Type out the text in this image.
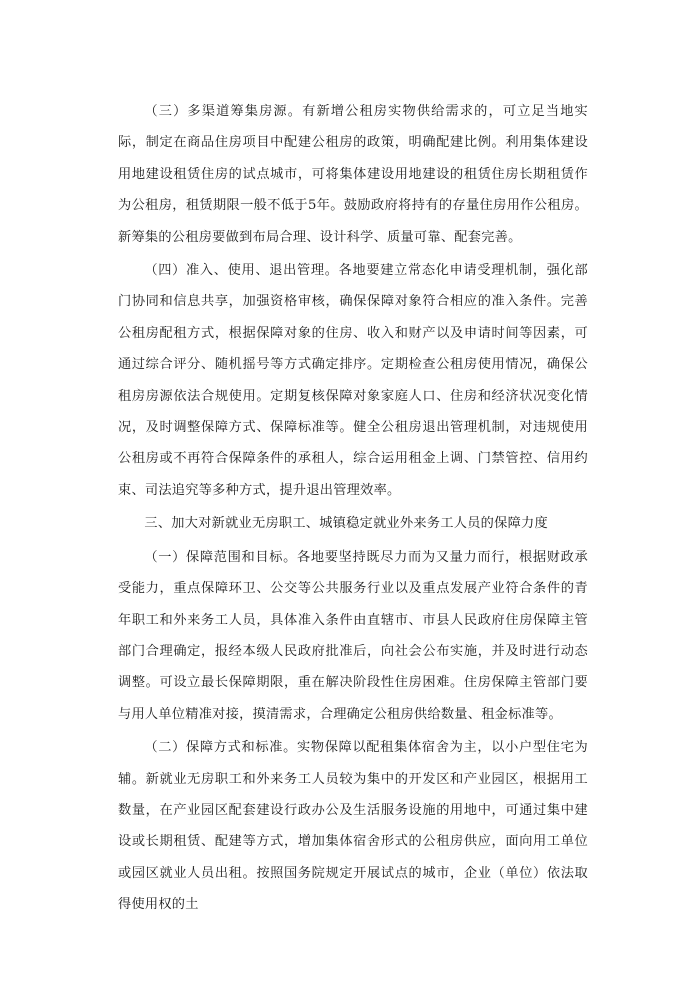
（三）多渠道筹集房源。有新增公租房实物供给需求的，可立足当地实际，制定在商品住房项目中配建公租房的政策，明确配建比例。利用集体建设用地建设租赁住房的试点城市，可将集体建设用地建设的租赁住房长期租赁作为公租房，租赁期限一般不低于5年。鼓励政府将持有的存量住房用作公租房。新筹集的公租房要做到布局合理、设计科学、质量可靠、配套完善。

（四）准入、使用、退出管理。各地要建立常态化申请受理机制，强化部门协同和信息共享，加强资格审核，确保保障对象符合相应的准入条件。完善公租房配租方式，根据保障对象的住房、收入和财产以及申请时间等因素，可通过综合评分、随机摇号等方式确定排序。定期检查公租房使用情况，确保公租房房源依法合规使用。定期复核保障对象家庭人口、住房和经济状况变化情况，及时调整保障方式、保障标准等。健全公租房退出管理机制，对违规使用公租房或不再符合保障条件的承租人，综合运用租金上调、门禁管控、信用约束、司法追究等多种方式，提升退出管理效率。

三、加大对新就业无房职工、城镇稳定就业外来务工人员的保障力度

（一）保障范围和目标。各地要坚持既尽力而为又量力而行，根据财政承受能力，重点保障环卫、公交等公共服务行业以及重点发展产业符合条件的青年职工和外来务工人员，具体准入条件由直辖市、市县人民政府住房保障主管部门合理确定，报经本级人民政府批准后，向社会公布实施，并及时进行动态调整。可设立最长保障期限，重在解决阶段性住房困难。住房保障主管部门要与用人单位精准对接，摸清需求，合理确定公租房供给数量、租金标准等。

（二）保障方式和标准。实物保障以配租集体宿舍为主，以小户型住宅为辅。新就业无房职工和外来务工人员较为集中的开发区和产业园区，根据用工数量，在产业园区配套建设行政办公及生活服务设施的用地中，可通过集中建设或长期租赁、配建等方式，增加集体宿舍形式的公租房供应，面向用工单位或园区就业人员出租。按照国务院规定开展试点的城市，企业（单位）依法取得使用权的土
